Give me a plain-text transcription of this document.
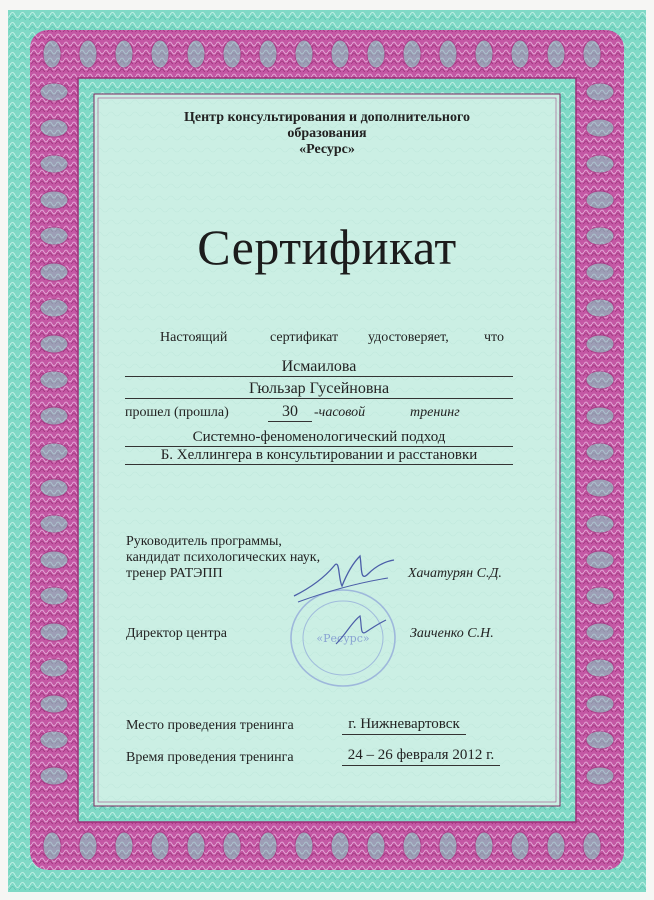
Центр консультирования и дополнительного
образования
«Ресурс»
Сертификат
Настоящий	сертификат удостоверяет,	что
Исмаилова
Гюльзар Гусейновна
прошел (прошла)	30	-часовой	тренинг
Системно-феноменологический подход
Б. Хеллингера в консультировании и расстановки
Руководитель программы,
кандидат психологических наук,
тренер РАТЭПП	Хачатурян С.Д.
Директор центра	Заиченко С.Н.
«Ресурс»
Место проведения тренинга	г. Нижневартовск
Время проведения тренинга	24 – 26 февраля 2012 г.
